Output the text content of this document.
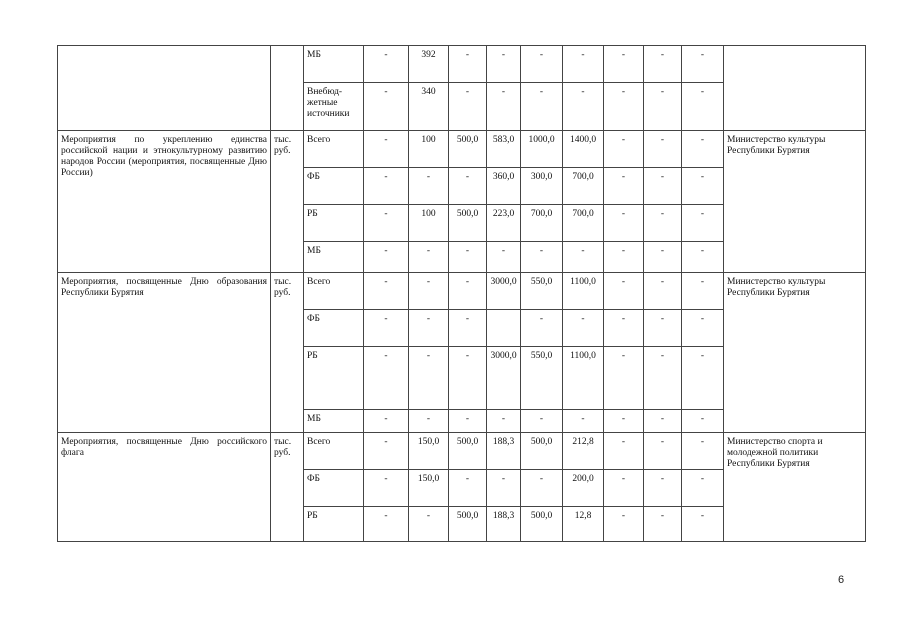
		МБ	-	392	-	-	-	-	-	-	-	
		Внебюд-жетные источники	-	340	-	-	-	-	-	-	-	
Мероприятия по укреплению единства российской нации и этнокультурному развитию народов России (мероприятия, посвященные Дню России)	тыс. руб.	Всего	-	100	500,0	583,0	1000,0	1400,0	-	-	-	Министерство культуры Республики Бурятия
		ФБ	-	-	-	360,0	300,0	700,0	-	-	-	
		РБ	-	100	500,0	223,0	700,0	700,0	-	-	-	
		МБ	-	-	-	-	-	-	-	-	-	
Мероприятия, посвященные Дню образования Республики Бурятия	тыс. руб.	Всего	-	-	-	3000,0	550,0	1100,0	-	-	-	Министерство культуры Республики Бурятия
		ФБ	-	-	-		-	-	-	-	-	
		РБ	-	-	-	3000,0	550,0	1100,0	-	-	-	
		МБ	-	-	-	-	-	-	-	-	-	
Мероприятия, посвященные Дню российского флага	тыс. руб.	Всего	-	150,0	500,0	188,3	500,0	212,8	-	-	-	Министерство спорта и молодежной политики Республики Бурятия
		ФБ	-	150,0	-	-	-	200,0	-	-	-	
		РБ	-	-	500,0	188,3	500,0	12,8	-	-	-	
6
